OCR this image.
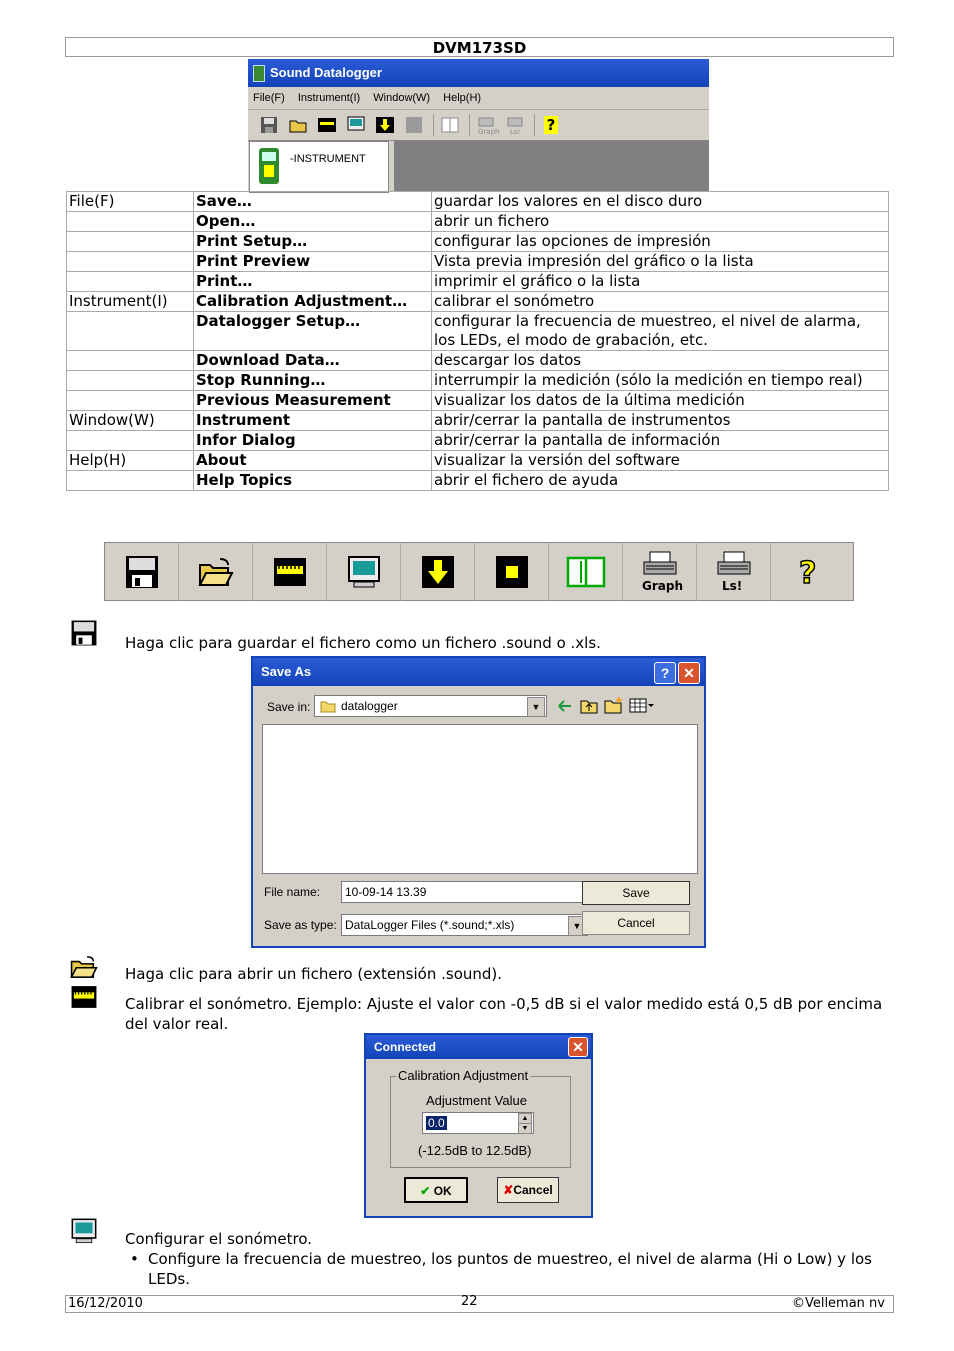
DVM173SD
Sound Datalogger
File(F) Instrument(I) Window(W) Help(H)
Graph Ls! ?
-INSTRUMENT
File(F)	Save…	guardar los valores en el disco duro
	Open…	abrir un fichero
	Print Setup…	configurar las opciones de impresión
	Print Preview	Vista previa impresión del gráfico o la lista
	Print…	imprimir el gráfico o la lista
Instrument(I)	Calibration Adjustment…	calibrar el sonómetro
	Datalogger Setup…	configurar la frecuencia de muestreo, el nivel de alarma, los LEDs, el modo de grabación, etc.
	Download Data…	descargar los datos
	Stop Running…	interrumpir la medición (sólo la medición en tiempo real)
	Previous Measurement	visualizar los datos de la última medición
Window(W)	Instrument	abrir/cerrar la pantalla de instrumentos
	Infor Dialog	abrir/cerrar la pantalla de información
Help(H)	About	visualizar la versión del software
	Help Topics	abrir el fichero de ayuda
Graph	Ls! ?
Haga clic para guardar el fichero como un fichero .sound o .xls.
Save As	? ✕
Save in:	datalogger	▼
File name:	10-09-14 13.39
Save as type: DataLogger Files (*.sound;*.xls)	▼
Save
Cancel
Haga clic para abrir un fichero (extensión .sound).
Calibrar el sonómetro. Ejemplo: Ajuste el valor con -0,5 dB si el valor medido está 0,5 dB por encima del valor real.
Connected	✕
Calibration Adjustment
Adjustment Value
0.0	▲
▼
(-12.5dB to 12.5dB)
✔ OK	✘Cancel
Configurar el sonómetro.
• Configure la frecuencia de muestreo, los puntos de muestreo, el nivel de alarma (Hi o Low) y los LEDs.
16/12/2010	22	©Velleman nv
